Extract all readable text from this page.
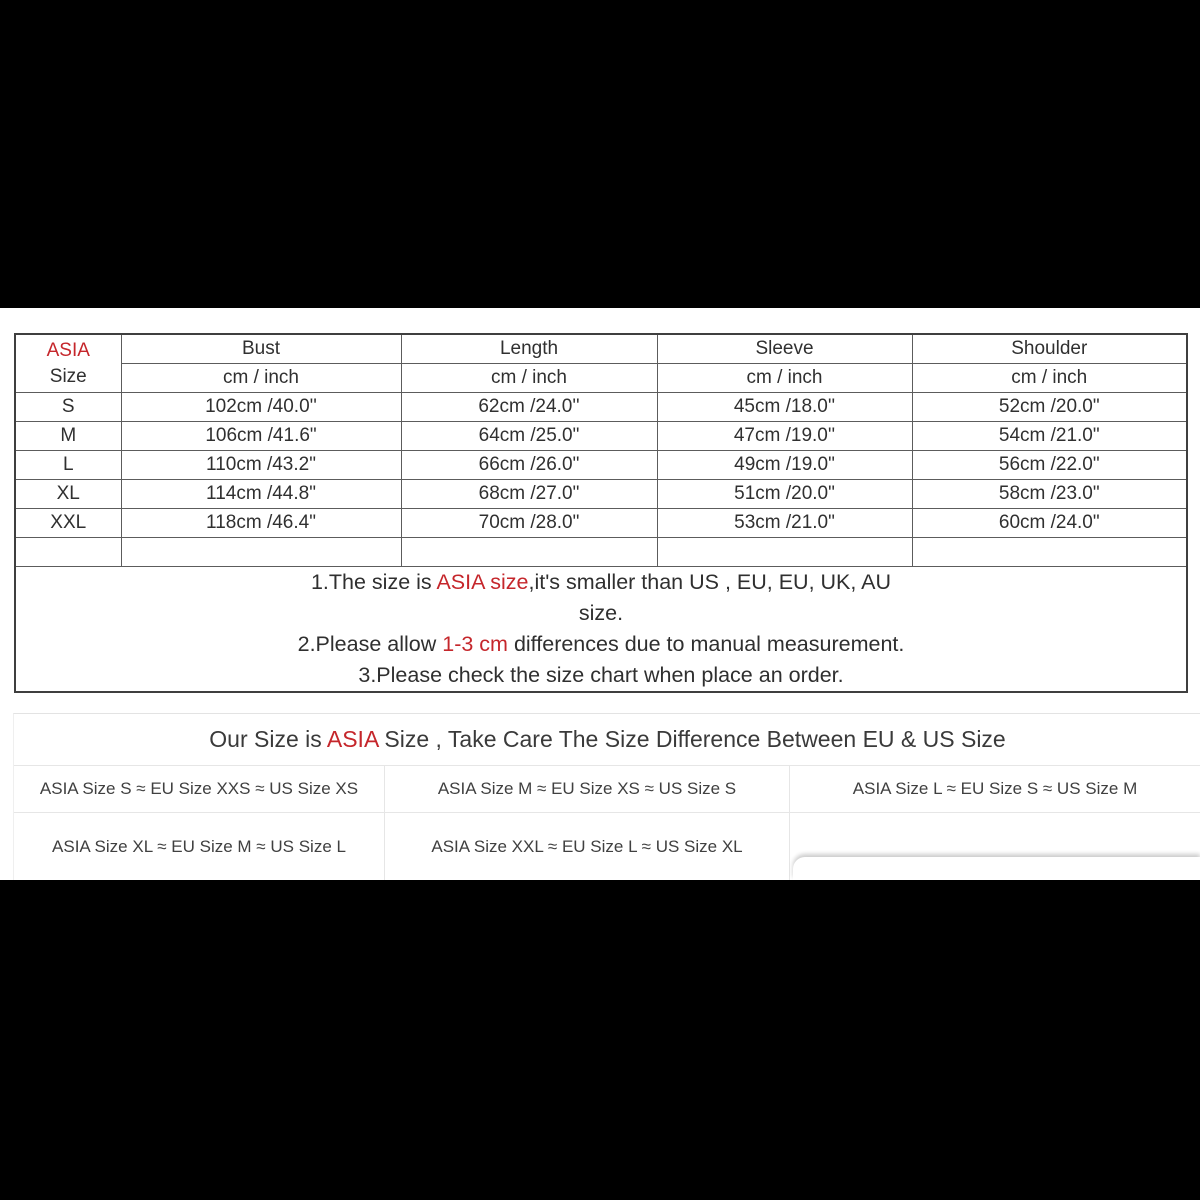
ASIA
Size	Bust	Length	Sleeve	Shoulder
	cm / inch	cm / inch	cm / inch	cm / inch
S	102cm /40.0''	62cm /24.0''	45cm /18.0''	52cm /20.0"
M	106cm /41.6"	64cm /25.0"	47cm /19.0''	54cm /21.0"
L	110cm /43.2"	66cm /26.0"	49cm /19.0"	56cm /22.0"
XL	114cm /44.8"	68cm /27.0"	51cm /20.0"	58cm /23.0"
XXL	118cm /46.4"	70cm /28.0"	53cm /21.0"	60cm /24.0"

1.The size is ASIA size,it's smaller than US , EU, EU, UK, AU
size.
2.Please allow 1-3 cm differences due to manual measurement.
3.Please check the size chart when place an order.				
Our Size is ASIA Size , Take Care The Size Difference Between EU & US Size
ASIA Size S ≈ EU Size XXS ≈ US Size XS	ASIA Size M ≈ EU Size XS ≈ US Size S	ASIA Size L ≈ EU Size S ≈ US Size M
ASIA Size XL ≈ EU Size M ≈ US Size L	ASIA Size XXL ≈ EU Size L ≈ US Size XL
